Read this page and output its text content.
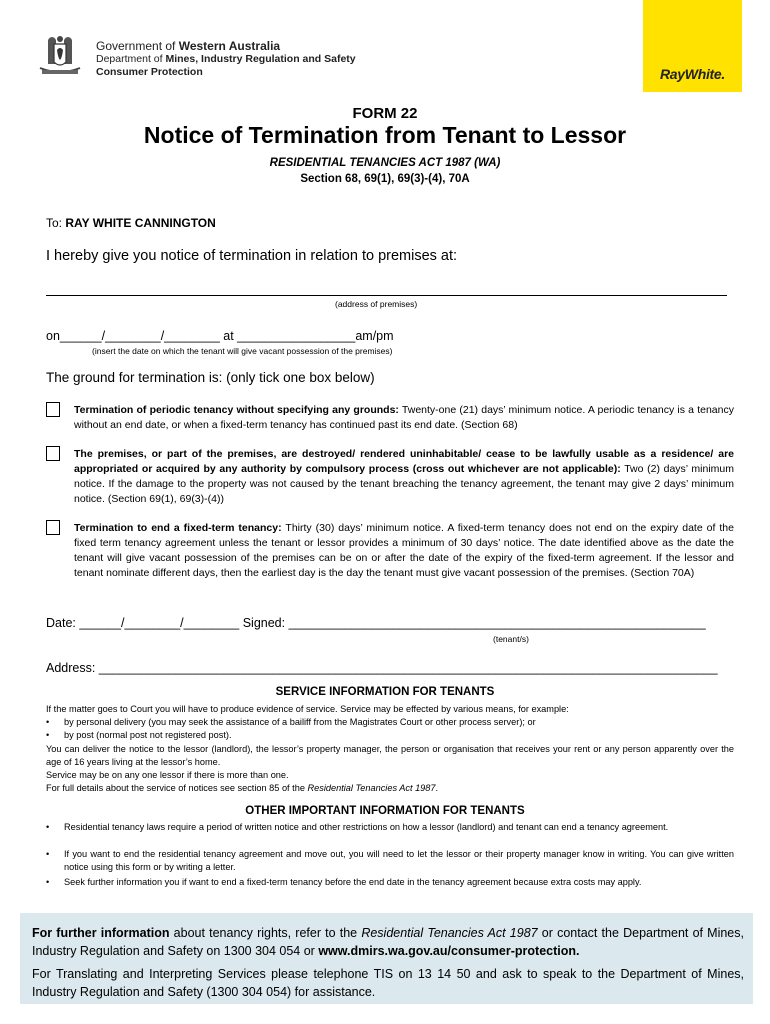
Government of Western Australia
Department of Mines, Industry Regulation and Safety
Consumer Protection	RayWhite.
FORM 22
Notice of Termination from Tenant to Lessor
RESIDENTIAL TENANCIES ACT 1987 (WA)
Section 68, 69(1), 69(3)-(4), 70A
To: RAY WHITE CANNINGTON
I hereby give you notice of termination in relation to premises at:
(address of premises)
on______/________/________ at _________________am/pm
(insert the date on which the tenant will give vacant possession of the premises)
The ground for termination is: (only tick one box below)
Termination of periodic tenancy without specifying any grounds: Twenty-one (21) days’ minimum notice. A periodic tenancy is a tenancy without an end date, or when a fixed-term tenancy has continued past its end date. (Section 68)
The premises, or part of the premises, are destroyed/ rendered uninhabitable/ cease to be lawfully usable as a residence/ are appropriated or acquired by any authority by compulsory process (cross out whichever are not applicable): Two (2) days’ minimum notice. If the damage to the property was not caused by the tenant breaching the tenancy agreement, the tenant may give 2 days’ minimum notice. (Section 69(1), 69(3)-(4))
Termination to end a fixed-term tenancy: Thirty (30) days’ minimum notice. A fixed-term tenancy does not end on the expiry date of the fixed term tenancy agreement unless the tenant or lessor provides a minimum of 30 days’ notice. The date identified above as the date the tenant will give vacant possession of the premises can be on or after the date of the expiry of the fixed-term agreement. If the lessor and tenant nominate different days, then the earliest day is the day the tenant must give vacant possession of the premises. (Section 70A)
Date: ______/________/________ Signed: ____________________________________________________________
(tenant/s)
Address: _________________________________________________________________________________________
SERVICE INFORMATION FOR TENANTS
If the matter goes to Court you will have to produce evidence of service. Service may be effected by various means, for example:
• by personal delivery (you may seek the assistance of a bailiff from the Magistrates Court or other process server); or
• by post (normal post not registered post).
You can deliver the notice to the lessor (landlord), the lessor’s property manager, the person or organisation that receives your rent or any person apparently over the age of 16 years living at the lessor’s home.
Service may be on any one lessor if there is more than one.
For full details about the service of notices see section 85 of the Residential Tenancies Act 1987.
OTHER IMPORTANT INFORMATION FOR TENANTS
• Residential tenancy laws require a period of written notice and other restrictions on how a lessor (landlord) and tenant can end a tenancy agreement.
• If you want to end the residential tenancy agreement and move out, you will need to let the lessor or their property manager know in writing. You can give written notice using this form or by writing a letter.
• Seek further information you if want to end a fixed-term tenancy before the end date in the tenancy agreement because extra costs may apply.
For further information about tenancy rights, refer to the Residential Tenancies Act 1987 or contact the Department of Mines, Industry Regulation and Safety on 1300 304 054 or www.dmirs.wa.gov.au/consumer-protection.
For Translating and Interpreting Services please telephone TIS on 13 14 50 and ask to speak to the Department of Mines, Industry Regulation and Safety (1300 304 054) for assistance.
